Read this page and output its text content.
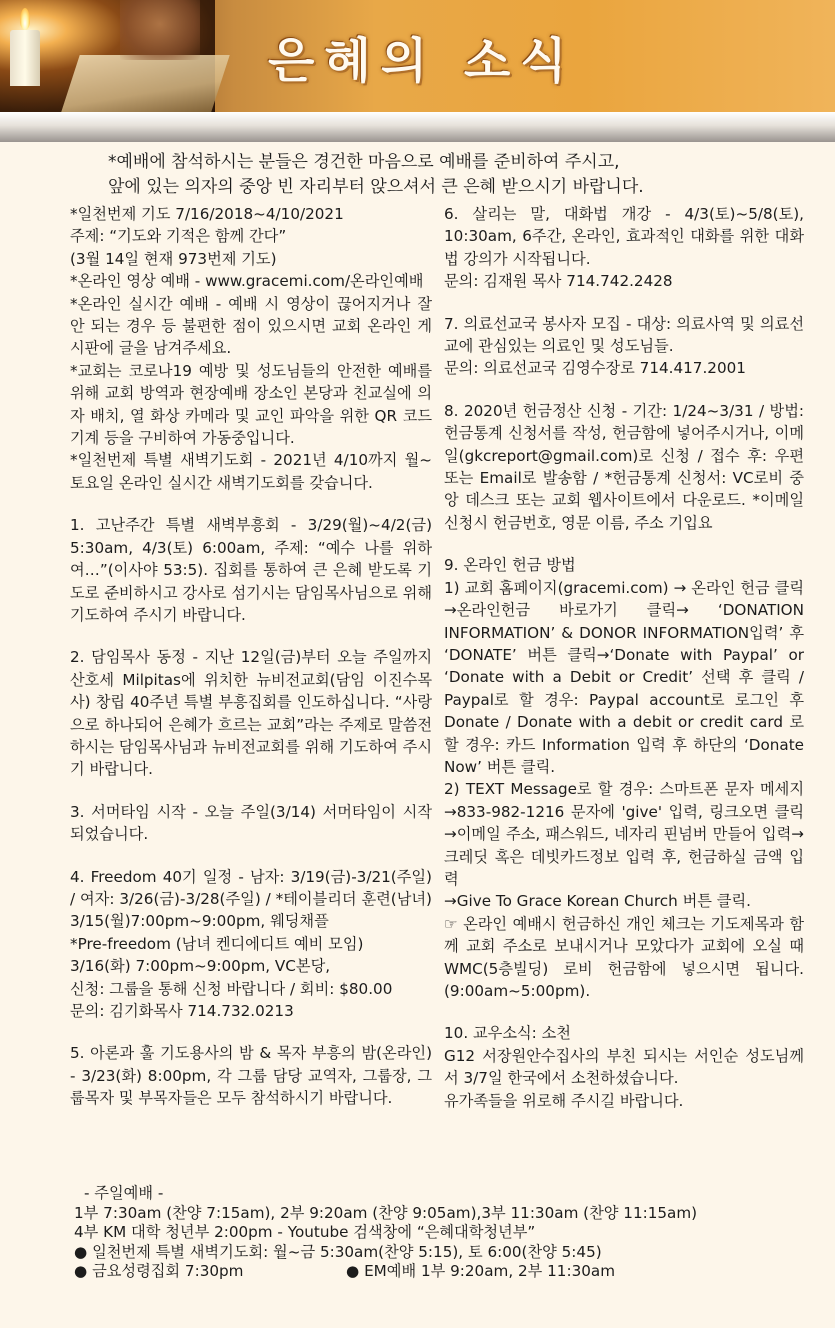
은혜의 소식
*예배에 참석하시는 분들은 경건한 마음으로 예배를 준비하여 주시고,
앞에 있는 의자의 중앙 빈 자리부터 앉으셔서 큰 은혜 받으시기 바랍니다.

*일천번제 기도 7/16/2018~4/10/2021
주제: “기도와 기적은 함께 간다”
(3월 14일 현재 973번제 기도)
*온라인 영상 예배 - www.gracemi.com/온라인예배
*온라인 실시간 예배 - 예배 시 영상이 끊어지거나 잘 안 되는 경우 등 불편한 점이 있으시면 교회 온라인 게시판에 글을 남겨주세요.
*교회는 코로나19 예방 및 성도님들의 안전한 예배를 위해 교회 방역과 현장예배 장소인 본당과 친교실에 의자 배치, 열 화상 카메라 및 교인 파악을 위한 QR 코드 기계 등을 구비하여 가동중입니다.
*일천번제 특별 새벽기도회 - 2021년 4/10까지 월~토요일 온라인 실시간 새벽기도회를 갖습니다.

1. 고난주간 특별 새벽부흥회 - 3/29(월)~4/2(금) 5:30am, 4/3(토) 6:00am, 주제: “예수 나를 위하여…”(이사야 53:5). 집회를 통하여 큰 은혜 받도록 기도로 준비하시고 강사로 섬기시는 담임목사님으로 위해 기도하여 주시기 바랍니다.

2. 담임목사 동정 - 지난 12일(금)부터 오늘 주일까지 산호세 Milpitas에 위치한 뉴비전교회(담임 이진수목사) 창립 40주년 특별 부흥집회를 인도하십니다. “사랑으로 하나되어 은혜가 흐르는 교회”라는 주제로 말씀전하시는 담임목사님과 뉴비전교회를 위해 기도하여 주시기 바랍니다.

3. 서머타임 시작 - 오늘 주일(3/14) 서머타임이 시작되었습니다.

4. Freedom 40기 일정 - 남자: 3/19(금)-3/21(주일) / 여자: 3/26(금)-3/28(주일) / *테이블리더 훈련(남녀) 3/15(월)7:00pm~9:00pm, 웨딩채플
*Pre-freedom (남녀 켄디에디트 예비 모임)
3/16(화) 7:00pm~9:00pm, VC본당,
신청: 그룹을 통해 신청 바랍니다 / 회비: $80.00
문의: 김기화목사 714.732.0213

5. 아론과 훌 기도용사의 밤 & 목자 부흥의 밤(온라인) - 3/23(화) 8:00pm, 각 그룹 담당 교역자, 그룹장, 그룹목자 및 부목자들은 모두 참석하시기 바랍니다.

6. 살리는 말, 대화법 개강 - 4/3(토)~5/8(토), 10:30am, 6주간, 온라인, 효과적인 대화를 위한 대화법 강의가 시작됩니다.
문의: 김재원 목사 714.742.2428

7. 의료선교국 봉사자 모집 - 대상: 의료사역 및 의료선교에 관심있는 의료인 및 성도님들.
문의: 의료선교국 김영수장로 714.417.2001

8. 2020년 헌금정산 신청 - 기간: 1/24~3/31 / 방법: 헌금통계 신청서를 작성, 헌금함에 넣어주시거나, 이메일(gkcreport@gmail.com)로 신청 / 접수 후: 우편 또는 Email로 발송함 / *헌금통계 신청서: VC로비 중앙 데스크 또는 교회 웹사이트에서 다운로드. *이메일 신청시 헌금번호, 영문 이름, 주소 기입요

9. 온라인 헌금 방법
1) 교회 홈페이지(gracemi.com) → 온라인 헌금 클릭→온라인헌금 바로가기 클릭→ ‘DONATION INFORMATION’ & DONOR INFORMATION입력’ 후 ‘DONATE’ 버튼 클릭→‘Donate with Paypal’ or ‘Donate with a Debit or Credit’ 선택 후 클릭 / Paypal로 할 경우: Paypal account로 로그인 후 Donate / Donate with a debit or credit card 로 할 경우: 카드 Information 입력 후 하단의 ‘Donate Now’ 버튼 클릭.
2) TEXT Message로 할 경우: 스마트폰 문자 메세지→833-982-1216 문자에 'give' 입력, 링크오면 클릭→이메일 주소, 패스워드, 네자리 핀넘버 만들어 입력→크레딧 혹은 데빗카드정보 입력 후, 헌금하실 금액 입력
→Give To Grace Korean Church 버튼 클릭.
☞ 온라인 예배시 헌금하신 개인 체크는 기도제목과 함께 교회 주소로 보내시거나 모았다가 교회에 오실 때 WMC(5층빌딩) 로비 헌금함에 넣으시면 됩니다. (9:00am~5:00pm).

10. 교우소식: 소천
G12 서장원안수집사의 부친 되시는 서인순 성도님께서 3/7일 한국에서 소천하셨습니다.
유가족들을 위로해 주시길 바랍니다.

- 주일예배 -
1부 7:30am (찬양 7:15am), 2부 9:20am (찬양 9:05am),3부 11:30am (찬양 11:15am)
4부 KM 대학 청년부 2:00pm - Youtube 검색창에 “은혜대학청년부”
● 일천번제 특별 새벽기도회: 월~금 5:30am(찬양 5:15), 토 6:00(찬양 5:45)
● 금요성령집회 7:30pm	● EM예배 1부 9:20am, 2부 11:30am
